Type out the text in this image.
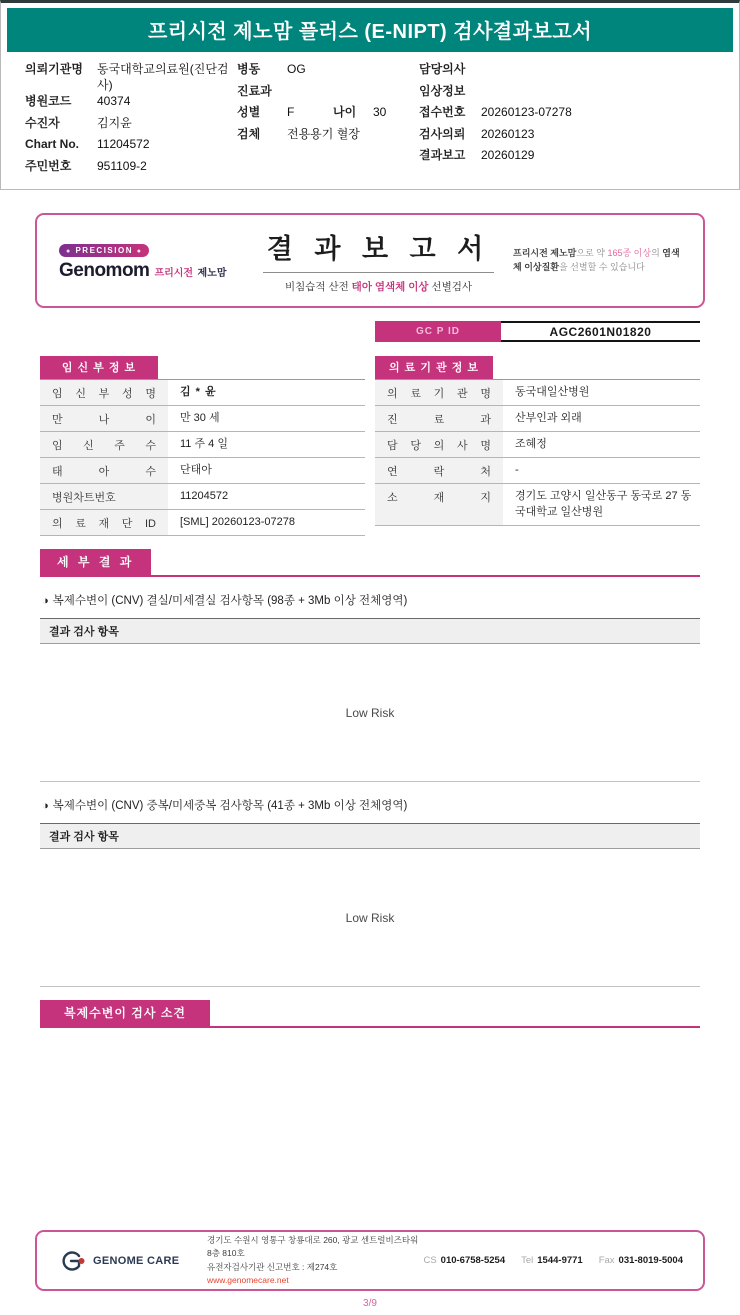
프리시전 제노맘 플러스 (E-NIPT) 검사결과보고서
의뢰기관명	동국대학교의료원(진단검사)
병원코드	40374
수진자	김지윤
Chart No.	11204572
주민번호	951109-2
병동	OG
진료과
성별	F	나이	30
검체	전용용기 혈장
담당의사
임상정보
접수번호	20260123-07278
검사의뢰	20260123
결과보고	20260129
● PRECISION ●
Genomom 프리시전 제노맘
결 과 보 고 서
비침습적 산전 태아 염색체 이상 선별검사
프리시전 제노맘으로 약 165종 이상의 염색체 이상질환을 선별할 수 있습니다
GC P ID	AGC2601N01820
임 신 부 정 보
임 신 부 성 명	김 * 윤
만 나 이	만 30 세
임 신 주 수	11 주 4 일
태 아 수	단태아
병원차트번호	11204572
의 료 재 단 ID	[SML] 20260123-07278
의 료 기 관 정 보
의 료 기 관 명	동국대일산병원
진 료 과	산부인과 외래
담 당 의 사 명	조혜정
연 락 처	-
소 재 지	경기도 고양시 일산동구 동국로 27 동국대학교 일산병원
세 부 결 과
◑ 복제수변이 (CNV) 결실/미세결실 검사항목 (98종 + 3Mb 이상 전체영역)
결과 검사 항목
Low Risk
◑ 복제수변이 (CNV) 중복/미세중복 검사항목 (41종 + 3Mb 이상 전체영역)
결과 검사 항목
Low Risk
복제수변이 검사 소견
GENOME CARE
경기도 수원시 영통구 창룡대로 260, 광교 센트럴비즈타워 8층 810호
유전자검사기관 신고번호 : 제274호
www.genomecare.net
CS 010-6758-5254 Tel 1544-9771 Fax 031-8019-5004
3/9
